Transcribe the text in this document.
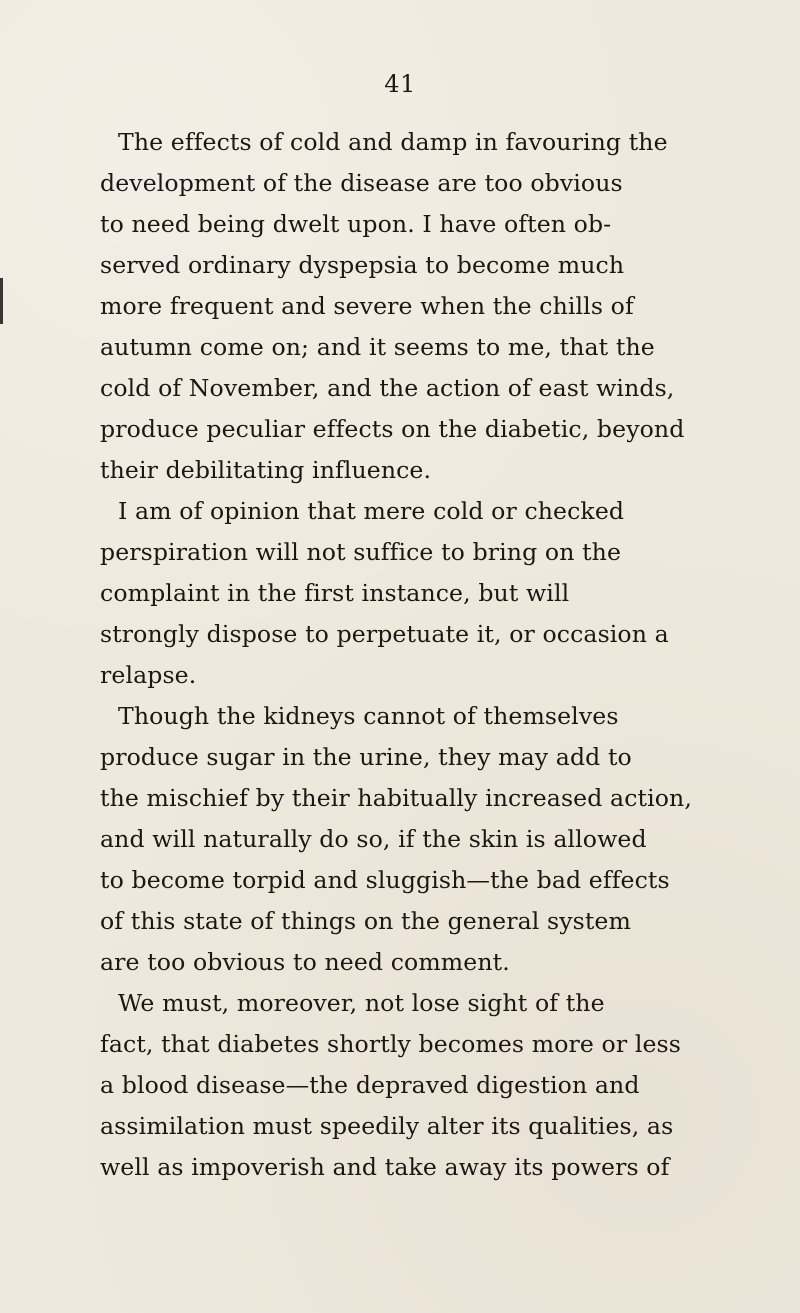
41
The effects of cold and damp in favouring the
development of the disease are too obvious
to need being dwelt upon. I have often ob-
served ordinary dyspepsia to become much
more frequent and severe when the chills of
autumn come on; and it seems to me, that the
cold of November, and the action of east winds,
produce peculiar effects on the diabetic, beyond
their debilitating influence.
I am of opinion that mere cold or checked
perspiration will not suffice to bring on the
complaint in the first instance, but will
strongly dispose to perpetuate it, or occasion a
relapse.
Though the kidneys cannot of themselves
produce sugar in the urine, they may add to
the mischief by their habitually increased action,
and will naturally do so, if the skin is allowed
to become torpid and sluggish—the bad effects
of this state of things on the general system
are too obvious to need comment.
We must, moreover, not lose sight of the
fact, that diabetes shortly becomes more or less
a blood disease—the depraved digestion and
assimilation must speedily alter its qualities, as
well as impoverish and take away its powers of
